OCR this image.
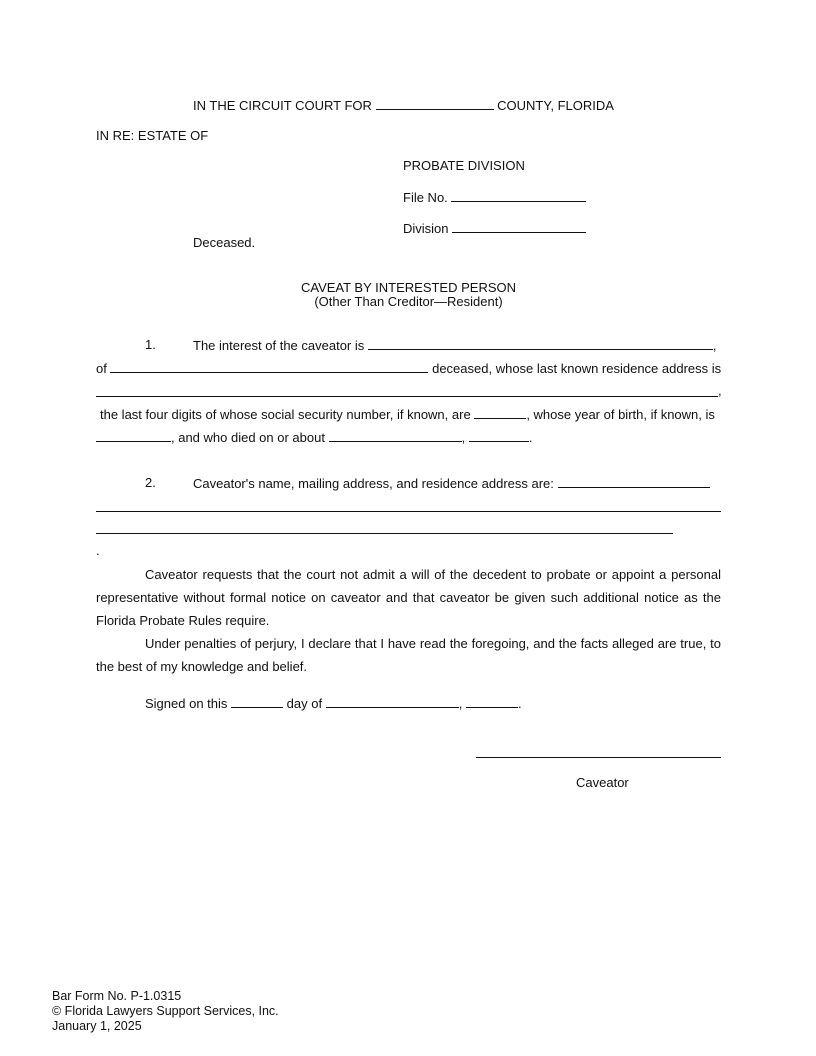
IN THE CIRCUIT COURT FOR	COUNTY, FLORIDA
IN RE: ESTATE OF
PROBATE DIVISION
File No.
Division
Deceased.
CAVEAT BY INTERESTED PERSON
(Other Than Creditor—Resident)
1.	The interest of the caveator is	,
of	deceased, whose last known residence address is
,
the last four digits of whose social security number, if known, are	, whose year of birth, if known, is
, and who died on or about	,	.
2.	Caveator's name, mailing address, and residence address are:
.
Caveator requests that the court not admit a will of the decedent to probate or appoint a personal representative without formal notice on caveator and that caveator be given such additional notice as the Florida Probate Rules require.
Under penalties of perjury, I declare that I have read the foregoing, and the facts alleged are true, to the best of my knowledge and belief.
Signed on this	day of	,	.
Caveator
Bar Form No. P-1.0315
© Florida Lawyers Support Services, Inc.
January 1, 2025
